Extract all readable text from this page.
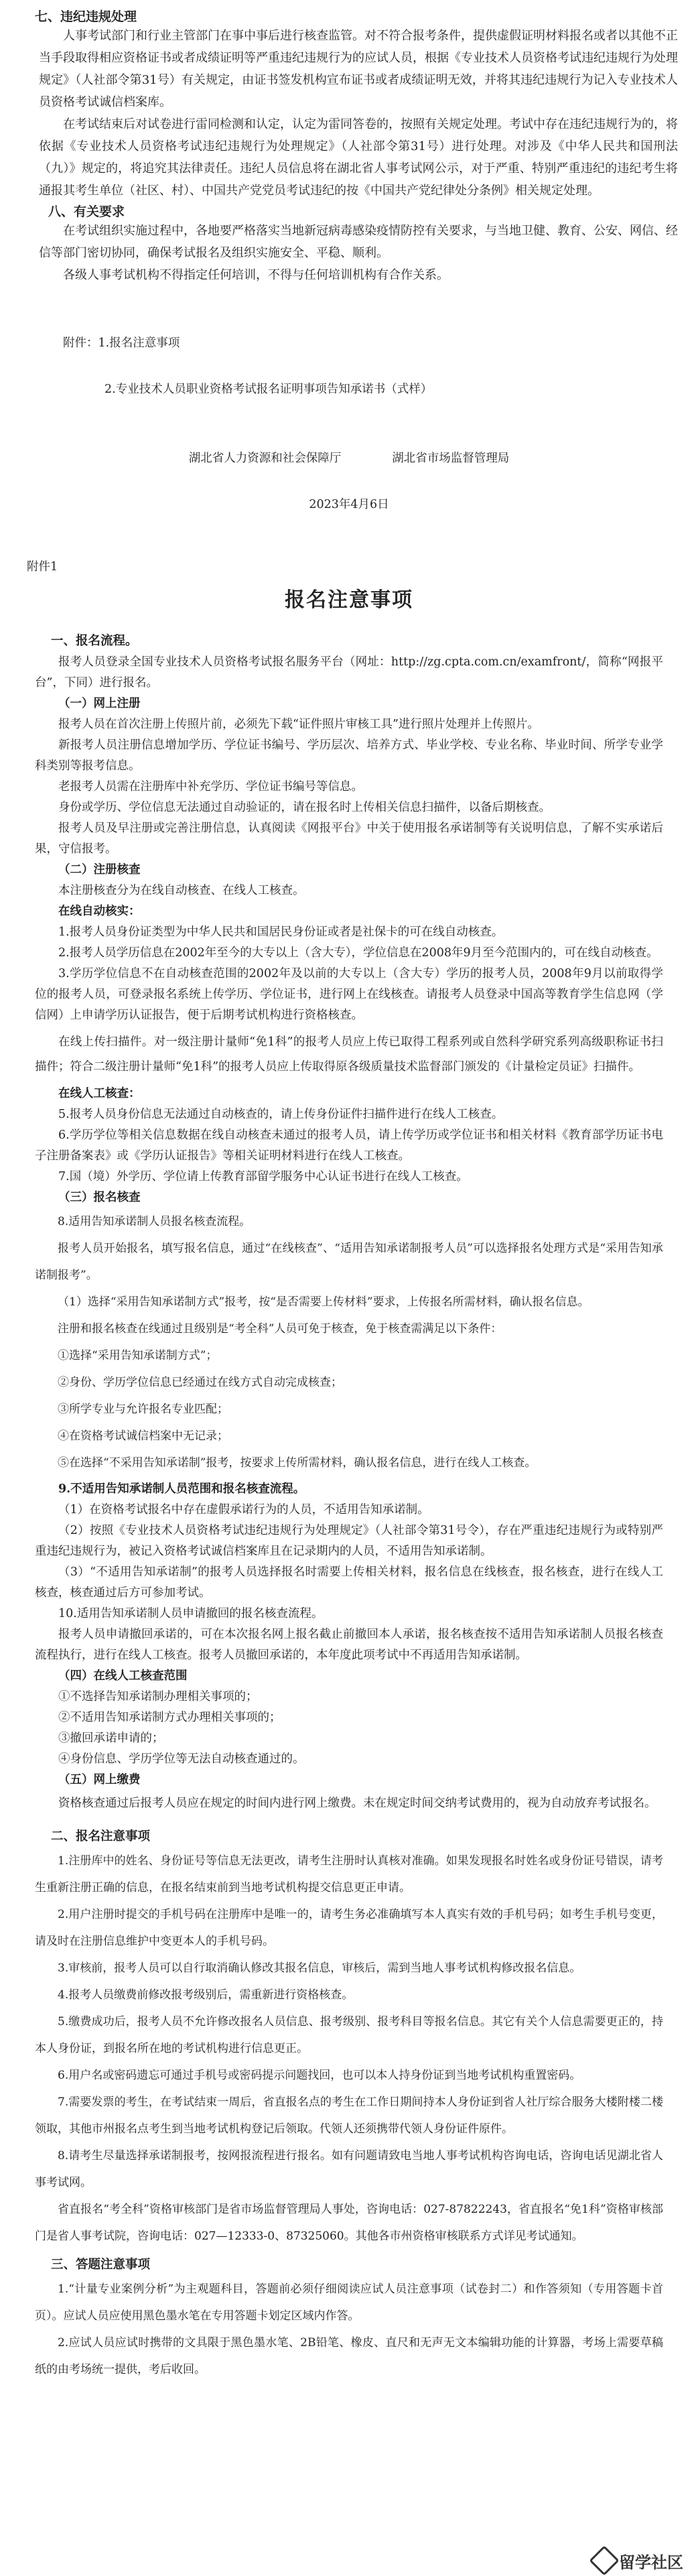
七、违纪违规处理

人事考试部门和行业主管部门在事中事后进行核查监管。对不符合报考条件，提供虚假证明材料报名或者以其他不正当手段取得相应资格证书或者成绩证明等严重违纪违规行为的应试人员，根据《专业技术人员资格考试违纪违规行为处理规定》（人社部令第31号）有关规定，由证书签发机构宣布证书或者成绩证明无效，并将其违纪违规行为记入专业技术人员资格考试诚信档案库。

在考试结束后对试卷进行雷同检测和认定，认定为雷同答卷的，按照有关规定处理。考试中存在违纪违规行为的，将依据《专业技术人员资格考试违纪违规行为处理规定》（人社部令第31号）进行处理。对涉及《中华人民共和国刑法（九）》规定的，将追究其法律责任。违纪人员信息将在湖北省人事考试网公示，对于严重、特别严重违纪的违纪考生将通报其考生单位（社区、村）、中国共产党党员考试违纪的按《中国共产党纪律处分条例》相关规定处理。

八、有关要求

在考试组织实施过程中，各地要严格落实当地新冠病毒感染疫情防控有关要求，与当地卫健、教育、公安、网信、经信等部门密切协同，确保考试报名及组织实施安全、平稳、顺利。

各级人事考试机构不得指定任何培训，不得与任何培训机构有合作关系。

附件：1.报名注意事项

2.专业技术人员职业资格考试报名证明事项告知承诺书（式样）

湖北省人力资源和社会保障厅	湖北省市场监督管理局

2023年4月6日

附件1

报名注意事项
一、报名流程。

报考人员登录全国专业技术人员资格考试报名服务平台（网址：http://zg.cpta.com.cn/examfront/，简称“网报平台”，下同）进行报名。

（一）网上注册

报考人员在首次注册上传照片前，必须先下载“证件照片审核工具”进行照片处理并上传照片。

新报考人员注册信息增加学历、学位证书编号、学历层次、培养方式、毕业学校、专业名称、毕业时间、所学专业学科类别等报考信息。

老报考人员需在注册库中补充学历、学位证书编号等信息。

身份或学历、学位信息无法通过自动验证的，请在报名时上传相关信息扫描件，以备后期核查。

报考人员及早注册或完善注册信息，认真阅读《网报平台》中关于使用报名承诺制等有关说明信息，了解不实承诺后果，守信报考。

（二）注册核查

本注册核查分为在线自动核查、在线人工核查。

在线自动核实：

1.报考人员身份证类型为中华人民共和国居民身份证或者是社保卡的可在线自动核查。

2.报考人员学历信息在2002年至今的大专以上（含大专），学位信息在2008年9月至今范围内的，可在线自动核查。

3.学历学位信息不在自动核查范围的2002年及以前的大专以上（含大专）学历的报考人员，2008年9月以前取得学位的报考人员，可登录报名系统上传学历、学位证书，进行网上在线核查。请报考人员登录中国高等教育学生信息网（学信网）上申请学历认证报告，便于后期考试机构进行资格核查。

在线上传扫描件。对一级注册计量师“免1科”的报考人员应上传已取得工程系列或自然科学研究系列高级职称证书扫描件；符合二级注册计量师“免1科”的报考人员应上传取得原各级质量技术监督部门颁发的《计量检定员证》扫描件。

在线人工核查：

5.报考人员身份信息无法通过自动核查的，请上传身份证件扫描件进行在线人工核查。

6.学历学位等相关信息数据在线自动核查未通过的报考人员，请上传学历或学位证书和相关材料《教育部学历证书电子注册备案表》或《学历认证报告》等相关证明材料进行在线人工核查。

7.国（境）外学历、学位请上传教育部留学服务中心认证书进行在线人工核查。

（三）报名核查

8.适用告知承诺制人员报名核查流程。

报考人员开始报名，填写报名信息，通过“在线核查”、“适用告知承诺制报考人员”可以选择报名处理方式是“采用告知承诺制报考”。

（1）选择“采用告知承诺制方式”报考，按“是否需要上传材料”要求，上传报名所需材料，确认报名信息。

注册和报名核查在线通过且级别是“考全科”人员可免于核查，免于核查需满足以下条件：

①选择“采用告知承诺制方式”；

②身份、学历学位信息已经通过在线方式自动完成核查；

③所学专业与允许报名专业匹配；

④在资格考试诚信档案中无记录；

⑤在选择“不采用告知承诺制”报考，按要求上传所需材料，确认报名信息，进行在线人工核查。

9.不适用告知承诺制人员范围和报名核查流程。

（1）在资格考试报名中存在虚假承诺行为的人员，不适用告知承诺制。

（2）按照《专业技术人员资格考试违纪违规行为处理规定》（人社部令第31号令），存在严重违纪违规行为或特别严重违纪违规行为，被记入资格考试诚信档案库且在记录期内的人员，不适用告知承诺制。

（3）“不适用告知承诺制”的报考人员选择报名时需要上传相关材料，报名信息在线核查，报名核查，进行在线人工核查，核查通过后方可参加考试。

10.适用告知承诺制人员申请撤回的报名核查流程。

报考人员申请撤回承诺的，可在本次报名网上报名截止前撤回本人承诺，报名核查按不适用告知承诺制人员报名核查流程执行，进行在线人工核查。报考人员撤回承诺的，本年度此项考试中不再适用告知承诺制。

（四）在线人工核查范围

①不选择告知承诺制办理相关事项的；

②不适用告知承诺制方式办理相关事项的；

③撤回承诺申请的；

④身份信息、学历学位等无法自动核查通过的。

（五）网上缴费

资格核查通过后报考人员应在规定的时间内进行网上缴费。未在规定时间交纳考试费用的，视为自动放弃考试报名。

二、报名注意事项

1.注册库中的姓名、身份证号等信息无法更改，请考生注册时认真核对准确。如果发现报名时姓名或身份证号错误，请考生重新注册正确的信息，在报名结束前到当地考试机构提交信息更正申请。

2.用户注册时提交的手机号码在注册库中是唯一的，请考生务必准确填写本人真实有效的手机号码；如考生手机号变更，请及时在注册信息维护中变更本人的手机号码。

3.审核前，报考人员可以自行取消确认修改其报名信息，审核后，需到当地人事考试机构修改报名信息。

4.报考人员缴费前修改报考级别后，需重新进行资格核查。

5.缴费成功后，报考人员不允许修改报名人员信息、报考级别、报考科目等报名信息。其它有关个人信息需要更正的，持本人身份证，到报名所在地的考试机构进行信息更正。

6.用户名或密码遗忘可通过手机号或密码提示问题找回，也可以本人持身份证到当地考试机构重置密码。

7.需要发票的考生，在考试结束一周后，省直报名点的考生在工作日期间持本人身份证到省人社厅综合服务大楼附楼二楼领取，其他市州报名点考生到当地考试机构登记后领取。代领人还须携带代领人身份证件原件。

8.请考生尽量选择承诺制报考，按网报流程进行报名。如有问题请致电当地人事考试机构咨询电话，咨询电话见湖北省人事考试网。

省直报名“考全科”资格审核部门是省市场监督管理局人事处，咨询电话：027-87822243，省直报名“免1科”资格审核部门是省人事考试院，咨询电话：027—12333-0、87325060。其他各市州资格审核联系方式详见考试通知。

三、答题注意事项

1.“计量专业案例分析”为主观题科目，答题前必须仔细阅读应试人员注意事项（试卷封二）和作答须知（专用答题卡首页）。应试人员应使用黑色墨水笔在专用答题卡划定区域内作答。

2.应试人员应试时携带的文具限于黑色墨水笔、2B铅笔、橡皮、直尺和无声无文本编辑功能的计算器，考场上需要草稿纸的由考场统一提供，考后收回。

留学社区
